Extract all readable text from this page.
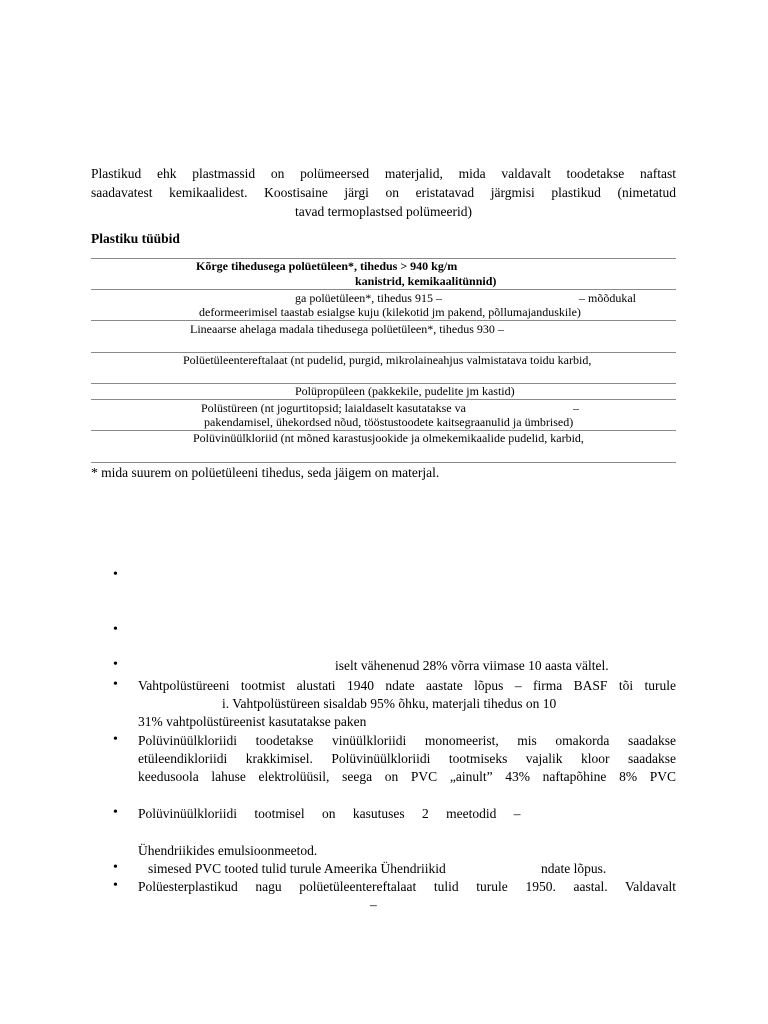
Plastikud ehk plastmassid on polümeersed materjalid, mida valdavalt toodetakse naftast
saadavatest kemikaalidest. Koostisaine järgi on eristatavad järgmisi plastikud (nimetatud
tavad termoplastsed polümeerid)
Plastiku tüübid
Kõrge tihedusega polüetüleen*, tihedus > 940 kg/m
kanistrid, kemikaalitünnid)
ga polüetüleen*, tihedus 915 –	– mõõdukal
deformeerimisel taastab esialgse kuju (kilekotid jm pakend, põllumajanduskile)
Lineaarse ahelaga madala tihedusega polüetüleen*, tihedus 930 –
Polüetüleentereftalaat (nt pudelid, purgid, mikrolaineahjus valmistatava toidu karbid,
Polüpropüleen (pakkekile, pudelite jm kastid)
Polüstüreen (nt jogurtitopsid; laialdaselt kasutatakse va	–
pakendamisel, ühekordsed nõud, tööstustoodete kaitsegraanulid ja ümbrised)
Polüvinüülkloriid (nt mõned karastusjookide ja olmekemikaalide pudelid, karbid,
* mida suurem on polüetüleeni tihedus, seda jäigem on materjal.
•
•
•	iselt vähenenud 28% võrra viimase 10 aasta vältel.
• Vahtpolüstüreeni tootmist alustati 1940 ndate aastate lõpus – firma BASF tõi turule
i. Vahtpolüstüreen sisaldab 95% õhku, materjali tihedus on 10
31% vahtpolüstüreenist kasutatakse paken
• Polüvinüülkloriidi toodetakse vinüülkloriidi monomeerist, mis omakorda saadakse
etüleendikloriidi krakkimisel. Polüvinüülkloriidi tootmiseks vajalik kloor saadakse
keedusoola lahuse elektrolüüsil, seega on PVC „ainult” 43% naftapõhine 8% PVC
• Polüvinüülkloriidi tootmisel on kasutuses 2 meetodid –
Ühendriikides emulsioonmeetod.
• simesed PVC tooted tulid turule Ameerika Ühendriikid	ndate lõpus.
• Polüesterplastikud nagu polüetüleentereftalaat tulid turule 1950. aastal. Valdavalt
–
